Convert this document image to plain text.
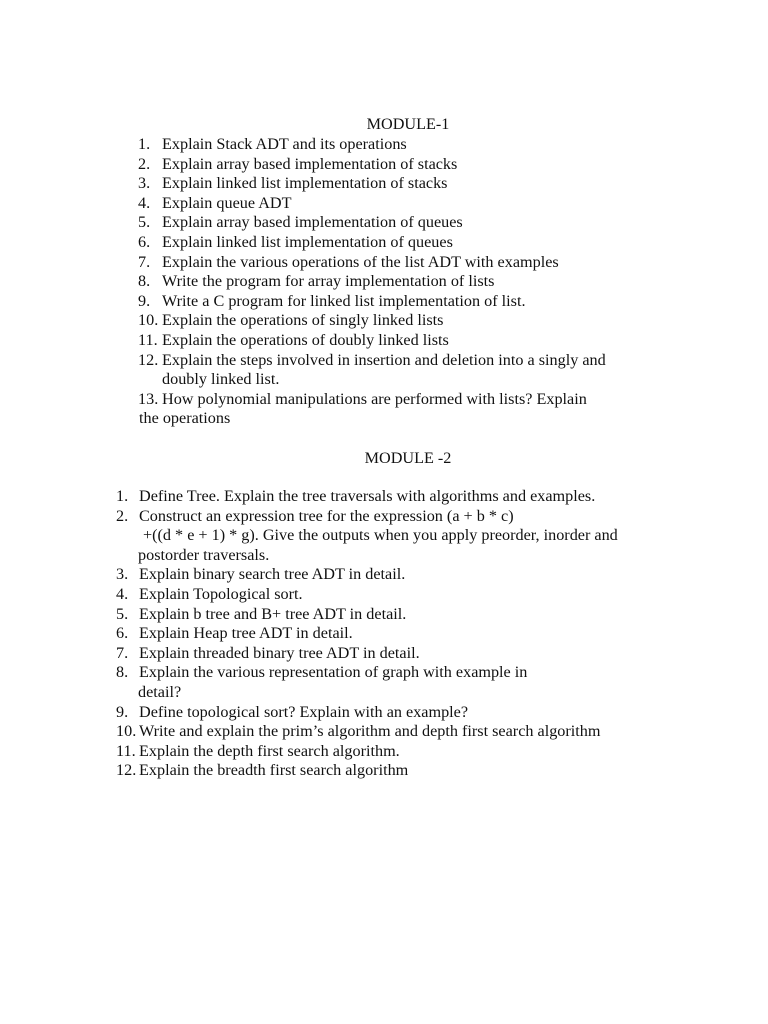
MODULE-1
1. Explain Stack ADT and its operations
2. Explain array based implementation of stacks
3. Explain linked list implementation of stacks
4. Explain queue ADT
5. Explain array based implementation of queues
6. Explain linked list implementation of queues
7. Explain the various operations of the list ADT with examples
8. Write the program for array implementation of lists
9. Write a C program for linked list implementation of list.
10. Explain the operations of singly linked lists
11. Explain the operations of doubly linked lists
12. Explain the steps involved in insertion and deletion into a singly and
doubly linked list.
13. How polynomial manipulations are performed with lists? Explain
the operations
MODULE -2
1. Define Tree. Explain the tree traversals with algorithms and examples.
2. Construct an expression tree for the expression (a + b * c)
+((d * e + 1) * g). Give the outputs when you apply preorder, inorder and
postorder traversals.
3. Explain binary search tree ADT in detail.
4. Explain Topological sort.
5. Explain b tree and B+ tree ADT in detail.
6. Explain Heap tree ADT in detail.
7. Explain threaded binary tree ADT in detail.
8. Explain the various representation of graph with example in
detail?
9. Define topological sort? Explain with an example?
10. Write and explain the prim’s algorithm and depth first search algorithm
11. Explain the depth first search algorithm.
12. Explain the breadth first search algorithm
